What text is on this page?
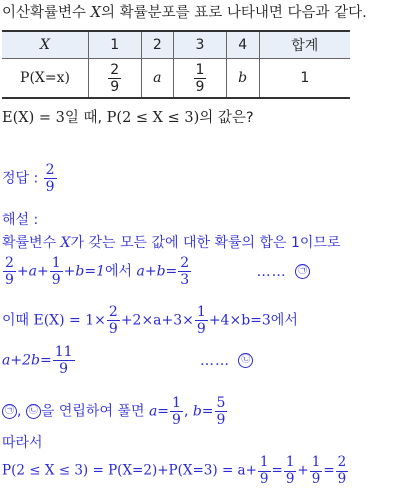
이산확률변수 X의 확률분포를 표로 나타내면 다음과 같다.
X	1	2	3	4	합계
P(X=x)	$\frac{2}{9}$	a	$\frac{1}{9}$	b	1
E(X) = 3일 때, P(2 ≤ X ≤ 3)의 값은?
정답 : $\frac{2}{9}$
해설 :
확률변수 X가 갖는 모든 값에 대한 확률의 합은 1이므로
$\frac{2}{9} +a+ \frac{1}{9} +b=1$에서 $a+b= \frac{2}{3}$	…… ㉠
이때 $E(X) = 1\times \frac{2}{9} +2\times a+3\times \frac{1}{9} +4\times b=3$에서
$a+2b= \frac{11}{9}$	…… ㉡
㉠ , ㉡ 을 연립하여 풀면 $a= \frac{1}{9}$ , $b= \frac{5}{9}$
따라서
$P(2 \le X \le 3) = P(X=2)+P(X=3) = a+ \frac{1}{9} = \frac{1}{9} + \frac{1}{9} = \frac{2}{9}$
